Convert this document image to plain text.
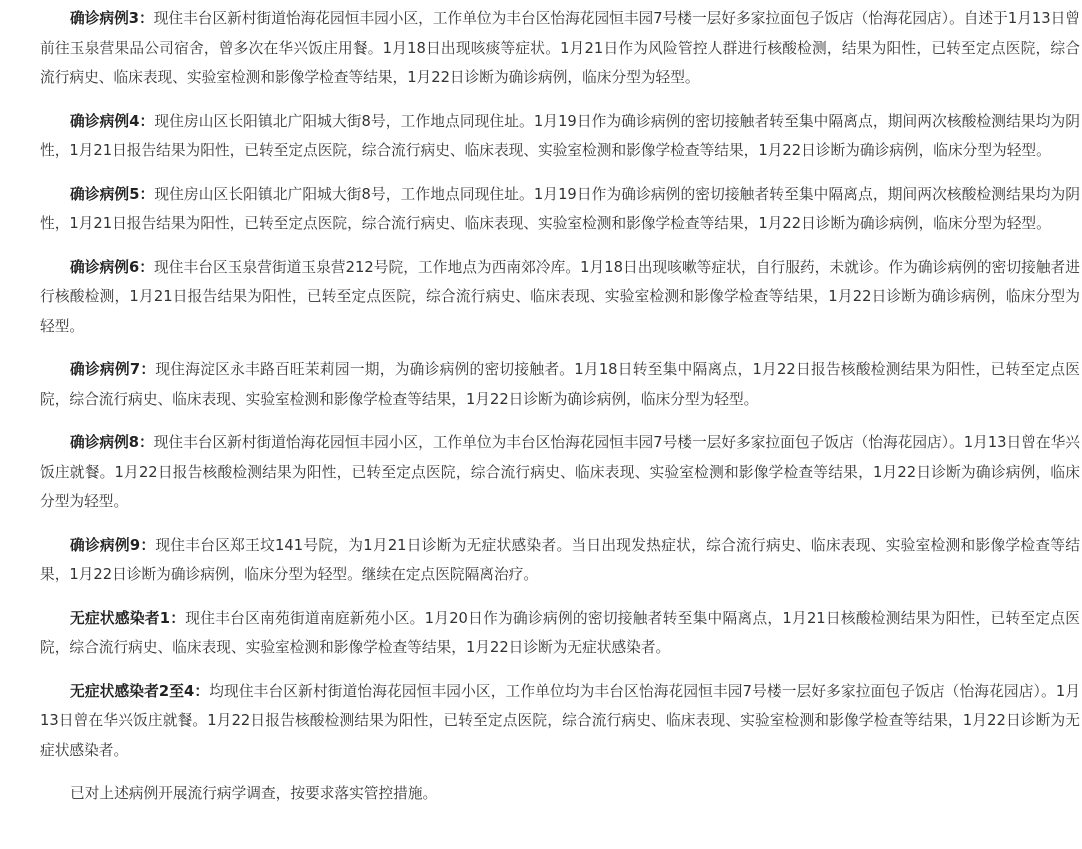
确诊病例3：现住丰台区新村街道怡海花园恒丰园小区，工作单位为丰台区怡海花园恒丰园7号楼一层好多家拉面包子饭店（怡海花园店）。自述于1月13日曾前往玉泉营果品公司宿舍，曾多次在华兴饭庄用餐。1月18日出现咳痰等症状。1月21日作为风险管控人群进行核酸检测，结果为阳性，已转至定点医院，综合流行病史、临床表现、实验室检测和影像学检查等结果，1月22日诊断为确诊病例，临床分型为轻型。

确诊病例4：现住房山区长阳镇北广阳城大街8号，工作地点同现住址。1月19日作为确诊病例的密切接触者转至集中隔离点，期间两次核酸检测结果均为阴性，1月21日报告结果为阳性，已转至定点医院，综合流行病史、临床表现、实验室检测和影像学检查等结果，1月22日诊断为确诊病例，临床分型为轻型。

确诊病例5：现住房山区长阳镇北广阳城大街8号，工作地点同现住址。1月19日作为确诊病例的密切接触者转至集中隔离点，期间两次核酸检测结果均为阴性，1月21日报告结果为阳性，已转至定点医院，综合流行病史、临床表现、实验室检测和影像学检查等结果，1月22日诊断为确诊病例，临床分型为轻型。

确诊病例6：现住丰台区玉泉营街道玉泉营212号院，工作地点为西南郊冷库。1月18日出现咳嗽等症状，自行服药，未就诊。作为确诊病例的密切接触者进行核酸检测，1月21日报告结果为阳性，已转至定点医院，综合流行病史、临床表现、实验室检测和影像学检查等结果，1月22日诊断为确诊病例，临床分型为轻型。

确诊病例7：现住海淀区永丰路百旺茉莉园一期，为确诊病例的密切接触者。1月18日转至集中隔离点，1月22日报告核酸检测结果为阳性，已转至定点医院，综合流行病史、临床表现、实验室检测和影像学检查等结果，1月22日诊断为确诊病例，临床分型为轻型。

确诊病例8：现住丰台区新村街道怡海花园恒丰园小区，工作单位为丰台区怡海花园恒丰园7号楼一层好多家拉面包子饭店（怡海花园店）。1月13日曾在华兴饭庄就餐。1月22日报告核酸检测结果为阳性，已转至定点医院，综合流行病史、临床表现、实验室检测和影像学检查等结果，1月22日诊断为确诊病例，临床分型为轻型。

确诊病例9：现住丰台区郑王坟141号院，为1月21日诊断为无症状感染者。当日出现发热症状，综合流行病史、临床表现、实验室检测和影像学检查等结果，1月22日诊断为确诊病例，临床分型为轻型。继续在定点医院隔离治疗。

无症状感染者1：现住丰台区南苑街道南庭新苑小区。1月20日作为确诊病例的密切接触者转至集中隔离点，1月21日核酸检测结果为阳性，已转至定点医院，综合流行病史、临床表现、实验室检测和影像学检查等结果，1月22日诊断为无症状感染者。

无症状感染者2至4：均现住丰台区新村街道怡海花园恒丰园小区，工作单位均为丰台区怡海花园恒丰园7号楼一层好多家拉面包子饭店（怡海花园店）。1月13日曾在华兴饭庄就餐。1月22日报告核酸检测结果为阳性，已转至定点医院，综合流行病史、临床表现、实验室检测和影像学检查等结果，1月22日诊断为无症状感染者。

已对上述病例开展流行病学调查，按要求落实管控措施。
